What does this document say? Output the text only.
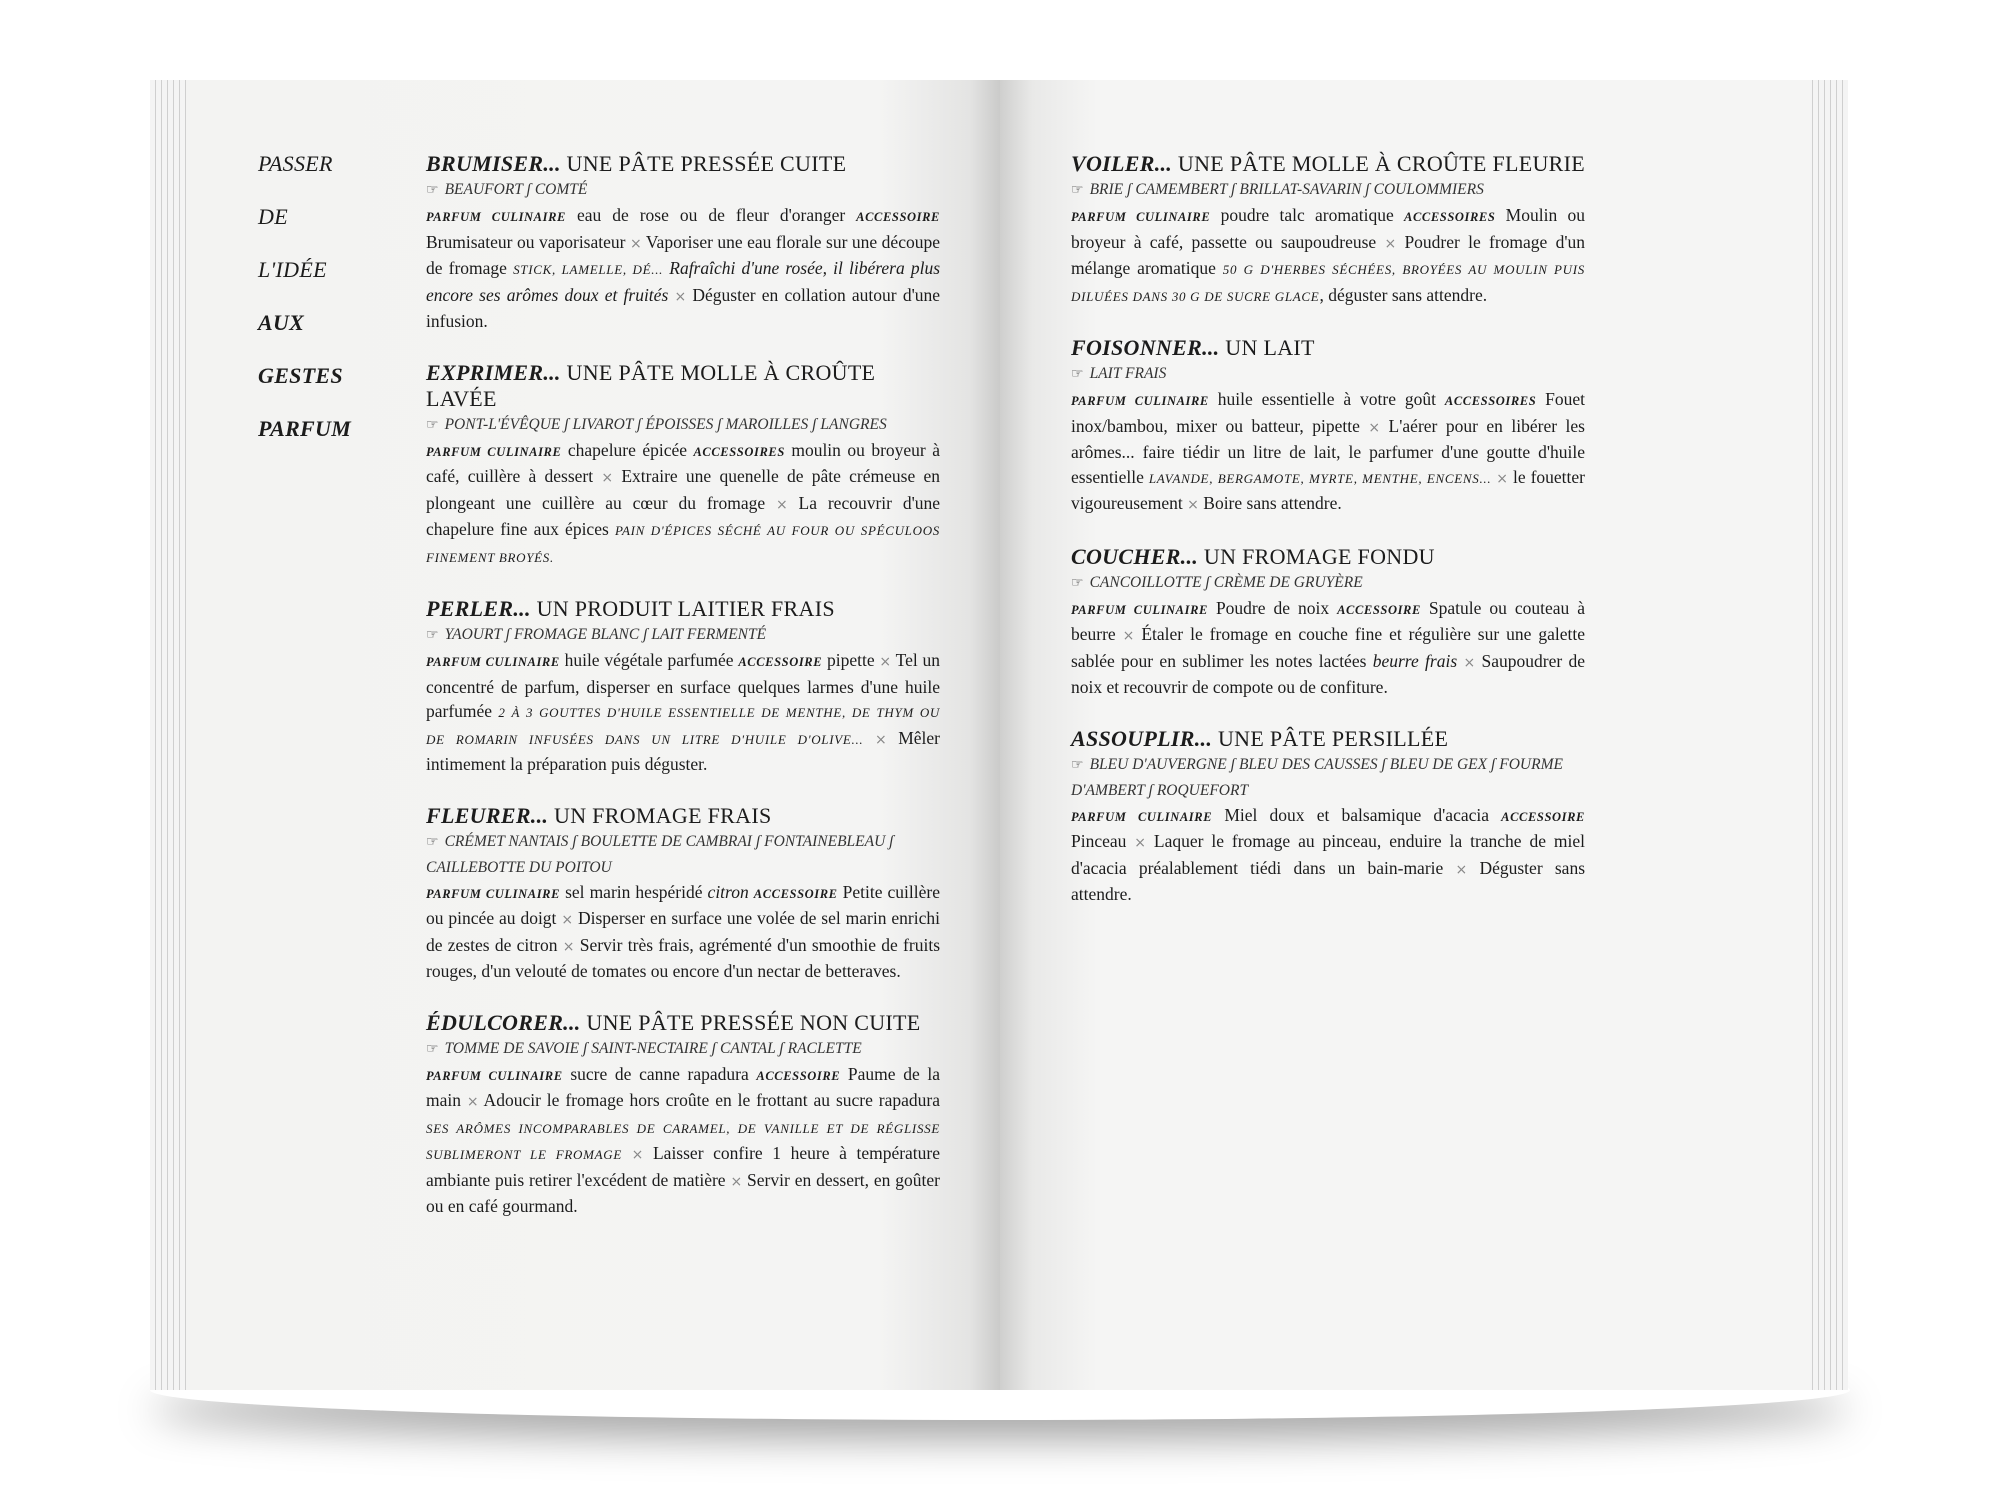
PASSER
DE
L'IDÉE
AUX
GESTES
PARFUM
BRUMISER... UNE PÂTE PRESSÉE CUITE
☞ BEAUFORT ʃ COMTÉ
PARFUM CULINAIRE eau de rose ou de fleur d'oranger ACCESSOIRE Brumisateur ou vaporisateur × Vaporiser une eau florale sur une découpe de fromage STICK, LAMELLE, DÉ... Rafraîchi d'une rosée, il libérera plus encore ses arômes doux et fruités × Déguster en collation autour d'une infusion.
EXPRIMER... UNE PÂTE MOLLE À CROÛTE LAVÉE
☞ PONT-L'ÉVÊQUE ʃ LIVAROT ʃ ÉPOISSES ʃ MAROILLES ʃ LANGRES
PARFUM CULINAIRE chapelure épicée ACCESSOIRES moulin ou broyeur à café, cuillère à dessert × Extraire une quenelle de pâte crémeuse en plongeant une cuillère au cœur du fromage × La recouvrir d'une chapelure fine aux épices PAIN D'ÉPICES SÉCHÉ AU FOUR OU SPÉCULOOS FINEMENT BROYÉS.
PERLER... UN PRODUIT LAITIER FRAIS
☞ YAOURT ʃ FROMAGE BLANC ʃ LAIT FERMENTÉ
PARFUM CULINAIRE huile végétale parfumée ACCESSOIRE pipette × Tel un concentré de parfum, disperser en surface quelques larmes d'une huile parfumée 2 À 3 GOUTTES D'HUILE ESSENTIELLE DE MENTHE, DE THYM OU DE ROMARIN INFUSÉES DANS UN LITRE D'HUILE D'OLIVE... × Mêler intimement la préparation puis déguster.
FLEURER... UN FROMAGE FRAIS
☞ CRÉMET NANTAIS ʃ BOULETTE DE CAMBRAI ʃ FONTAINEBLEAU ʃ CAILLEBOTTE DU POITOU
PARFUM CULINAIRE sel marin hespéridé citron ACCESSOIRE Petite cuillère ou pincée au doigt × Disperser en surface une volée de sel marin enrichi de zestes de citron × Servir très frais, agrémenté d'un smoothie de fruits rouges, d'un velouté de tomates ou encore d'un nectar de betteraves.
ÉDULCORER... UNE PÂTE PRESSÉE NON CUITE
☞ TOMME DE SAVOIE ʃ SAINT-NECTAIRE ʃ CANTAL ʃ RACLETTE
PARFUM CULINAIRE sucre de canne rapadura ACCESSOIRE Paume de la main × Adoucir le fromage hors croûte en le frottant au sucre rapadura SES ARÔMES INCOMPARABLES DE CARAMEL, DE VANILLE ET DE RÉGLISSE SUBLIMERONT LE FROMAGE × Laisser confire 1 heure à température ambiante puis retirer l'excédent de matière × Servir en dessert, en goûter ou en café gourmand.
VOILER... UNE PÂTE MOLLE À CROÛTE FLEURIE
☞ BRIE ʃ CAMEMBERT ʃ BRILLAT-SAVARIN ʃ COULOMMIERS
PARFUM CULINAIRE poudre talc aromatique ACCESSOIRES Moulin ou broyeur à café, passette ou saupoudreuse × Poudrer le fromage d'un mélange aromatique 50 G D'HERBES SÉCHÉES, BROYÉES AU MOULIN PUIS DILUÉES DANS 30 G DE SUCRE GLACE, déguster sans attendre.
FOISONNER... UN LAIT
☞ LAIT FRAIS
PARFUM CULINAIRE huile essentielle à votre goût ACCESSOIRES Fouet inox/bambou, mixer ou batteur, pipette × L'aérer pour en libérer les arômes... faire tiédir un litre de lait, le parfumer d'une goutte d'huile essentielle LAVANDE, BERGAMOTE, MYRTE, MENTHE, ENCENS... × le fouetter vigoureusement × Boire sans attendre.
COUCHER... UN FROMAGE FONDU
☞ CANCOILLOTTE ʃ CRÈME DE GRUYÈRE
PARFUM CULINAIRE Poudre de noix ACCESSOIRE Spatule ou couteau à beurre × Étaler le fromage en couche fine et régulière sur une galette sablée pour en sublimer les notes lactées beurre frais × Saupoudrer de noix et recouvrir de compote ou de confiture.
ASSOUPLIR... UNE PÂTE PERSILLÉE
☞ BLEU D'AUVERGNE ʃ BLEU DES CAUSSES ʃ BLEU DE GEX ʃ FOURME D'AMBERT ʃ ROQUEFORT
PARFUM CULINAIRE Miel doux et balsamique d'acacia ACCESSOIRE Pinceau × Laquer le fromage au pinceau, enduire la tranche de miel d'acacia préalablement tiédi dans un bain-marie × Déguster sans attendre.
